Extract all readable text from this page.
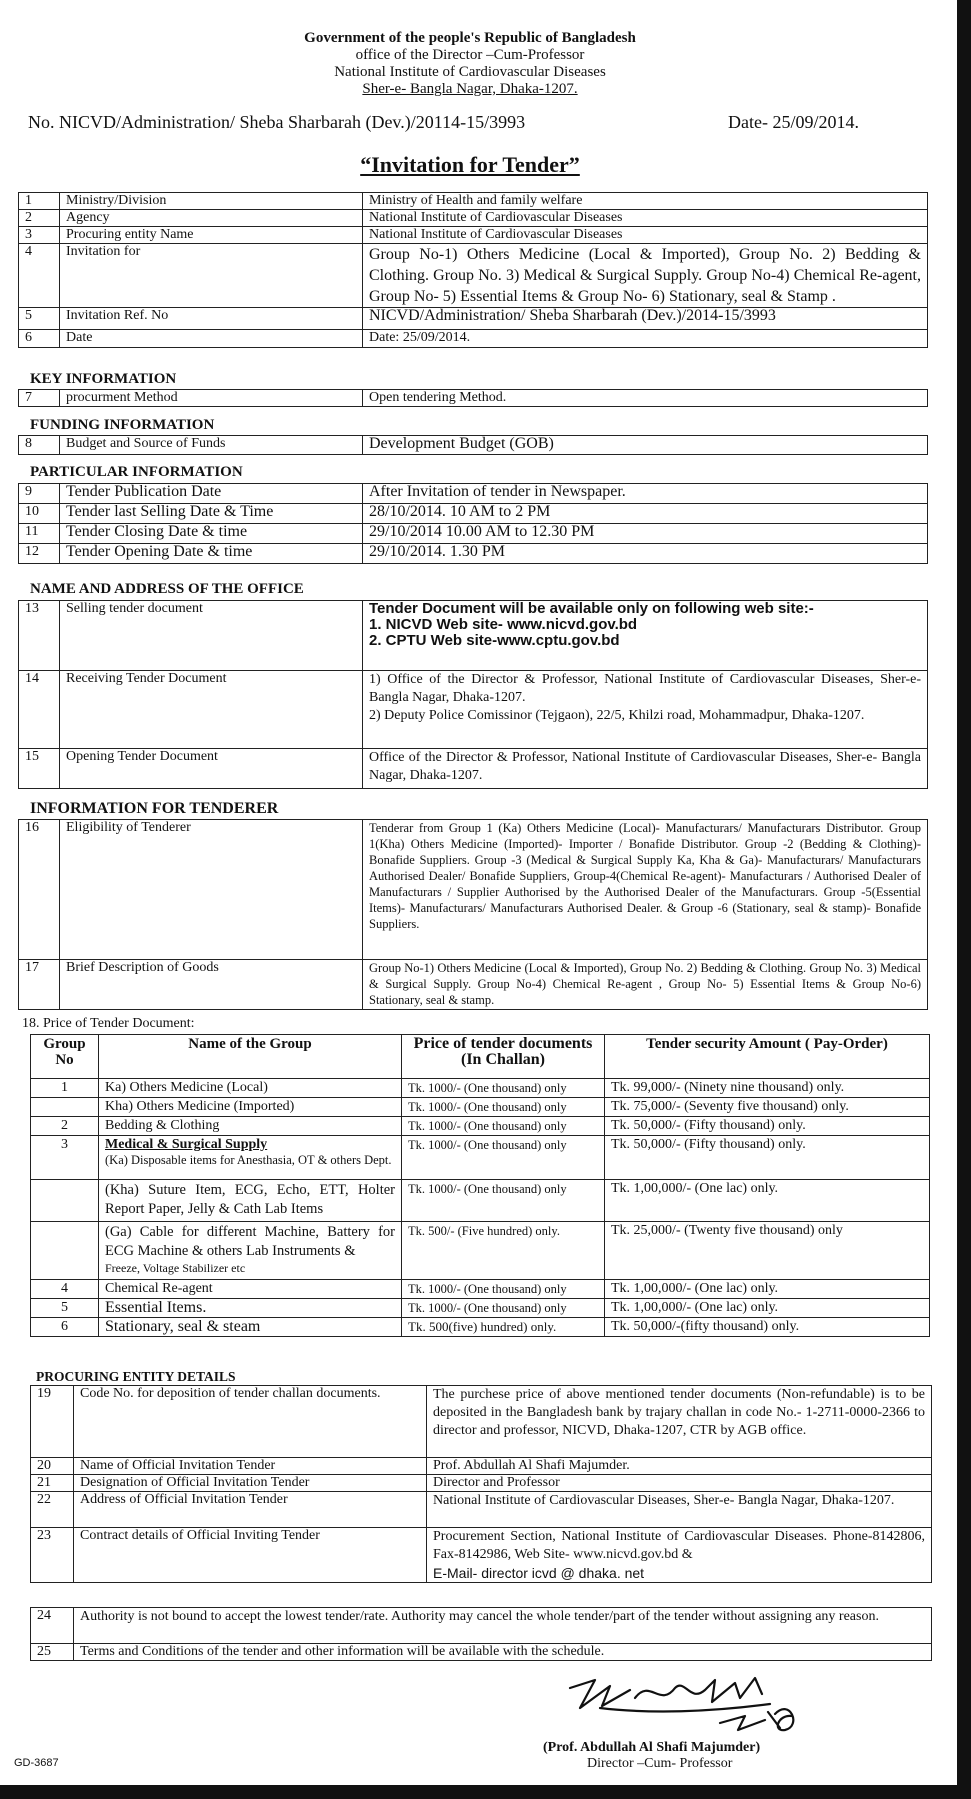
Government of the people's Republic of Bangladesh
office of the Director –Cum-Professor
National Institute of Cardiovascular Diseases
Sher-e- Bangla Nagar, Dhaka-1207.
No. NICVD/Administration/ Sheba Sharbarah (Dev.)/20114-15/3993	Date- 25/09/2014.
“Invitation for Tender”
1	Ministry/Division	Ministry of Health and family welfare
2	Agency	National Institute of Cardiovascular Diseases
3	Procuring entity Name	National Institute of Cardiovascular Diseases
4	Invitation for	Group No-1) Others Medicine (Local & Imported), Group No. 2) Bedding & Clothing. Group No. 3) Medical & Surgical Supply. Group No-4) Chemical Re-agent, Group No- 5) Essential Items & Group No- 6) Stationary, seal & Stamp .
5	Invitation Ref. No	NICVD/Administration/ Sheba Sharbarah (Dev.)/2014-15/3993
6	Date	Date: 25/09/2014.
KEY INFORMATION
7	procurment Method	Open tendering Method.
FUNDING INFORMATION
8	Budget and Source of Funds	Development Budget (GOB)
PARTICULAR INFORMATION
9	Tender Publication Date	After Invitation of tender in Newspaper.
10	Tender last Selling Date & Time	28/10/2014. 10 AM to 2 PM
11	Tender Closing Date & time	29/10/2014 10.00 AM to 12.30 PM
12	Tender Opening Date & time	29/10/2014. 1.30 PM
NAME AND ADDRESS OF THE OFFICE
13	Selling tender document	Tender Document will be available only on following web site:-
1. NICVD Web site- www.nicvd.gov.bd
2. CPTU Web site-www.cptu.gov.bd

14	Receiving Tender Document	1) Office of the Director & Professor, National Institute of Cardiovascular Diseases, Sher-e- Bangla Nagar, Dhaka-1207.
2) Deputy Police Comissinor (Tejgaon), 22/5, Khilzi road, Mohammadpur, Dhaka-1207.

15	Opening Tender Document	Office of the Director & Professor, National Institute of Cardiovascular Diseases, Sher-e- Bangla Nagar, Dhaka-1207.
INFORMATION FOR TENDERER
16	Eligibility of Tenderer	Tenderar from Group 1 (Ka) Others Medicine (Local)- Manufacturars/ Manufacturars Distributor. Group 1(Kha) Others Medicine (Imported)- Importer / Bonafide Distributor. Group -2 (Bedding & Clothing)- Bonafide Suppliers. Group -3 (Medical & Surgical Supply Ka, Kha & Ga)- Manufacturars/ Manufacturars Authorised Dealer/ Bonafide Suppliers, Group-4(Chemical Re-agent)- Manufacturars / Authorised Dealer of Manufacturars / Supplier Authorised by the Authorised Dealer of the Manufacturars. Group -5(Essential Items)- Manufacturars/ Manufacturars Authorised Dealer. & Group -6 (Stationary, seal & stamp)- Bonafide Suppliers.
17	Brief Description of Goods	Group No-1) Others Medicine (Local & Imported), Group No. 2) Bedding & Clothing. Group No. 3) Medical & Surgical Supply. Group No-4) Chemical Re-agent , Group No- 5) Essential Items & Group No-6) Stationary, seal & stamp.
18. Price of Tender Document:
Group No	Name of the Group	Price of tender documents (In Challan)	Tender security Amount ( Pay-Order)
1	Ka) Others Medicine (Local)	Tk. 1000/- (One thousand) only	Tk. 99,000/- (Ninety nine thousand) only.
	Kha) Others Medicine (Imported)	Tk. 1000/- (One thousand) only	Tk. 75,000/- (Seventy five thousand) only.
2	Bedding & Clothing	Tk. 1000/- (One thousand) only	Tk. 50,000/- (Fifty thousand) only.
3	Medical & Surgical Supply
(Ka) Disposable items for Anesthasia, OT & others Dept.	Tk. 1000/- (One thousand) only	Tk. 50,000/- (Fifty thousand) only.
	(Kha) Suture Item, ECG, Echo, ETT, Holter Report Paper, Jelly & Cath Lab Items	Tk. 1000/- (One thousand) only	Tk. 1,00,000/- (One lac) only.

	(Ga) Cable for different Machine, Battery for ECG Machine & others Lab Instruments &
Freeze, Voltage Stabilizer etc	Tk. 500/- (Five hundred) only.	Tk. 25,000/- (Twenty five thousand) only
4	Chemical Re-agent	Tk. 1000/- (One thousand) only	Tk. 1,00,000/- (One lac) only.
5	Essential Items.	Tk. 1000/- (One thousand) only	Tk. 1,00,000/- (One lac) only.
6	Stationary, seal & steam	Tk. 500(five) hundred) only.	Tk. 50,000/-(fifty thousand) only.
PROCURING ENTITY DETAILS
19	Code No. for deposition of tender challan documents.	The purchese price of above mentioned tender documents (Non-refundable) is to be deposited in the Bangladesh bank by trajary challan in code No.- 1-2711-0000-2366 to director and professor, NICVD, Dhaka-1207, CTR by AGB office.
20	Name of Official Invitation Tender	Prof. Abdullah Al Shafi Majumder.
21	Designation of Official Invitation Tender	Director and Professor
22	Address of Official Invitation Tender	National Institute of Cardiovascular Diseases, Sher-e- Bangla Nagar, Dhaka-1207.
23	Contract details of Official Inviting Tender	Procurement Section, National Institute of Cardiovascular Diseases. Phone-8142806, Fax-8142986, Web Site- www.nicvd.gov.bd &
E-Mail- director icvd @ dhaka. net
24	Authority is not bound to accept the lowest tender/rate. Authority may cancel the whole tender/part of the tender without assigning any reason.
25	Terms and Conditions of the tender and other information will be available with the schedule.
(Prof. Abdullah Al Shafi Majumder)
Director –Cum- Professor
GD-3687
